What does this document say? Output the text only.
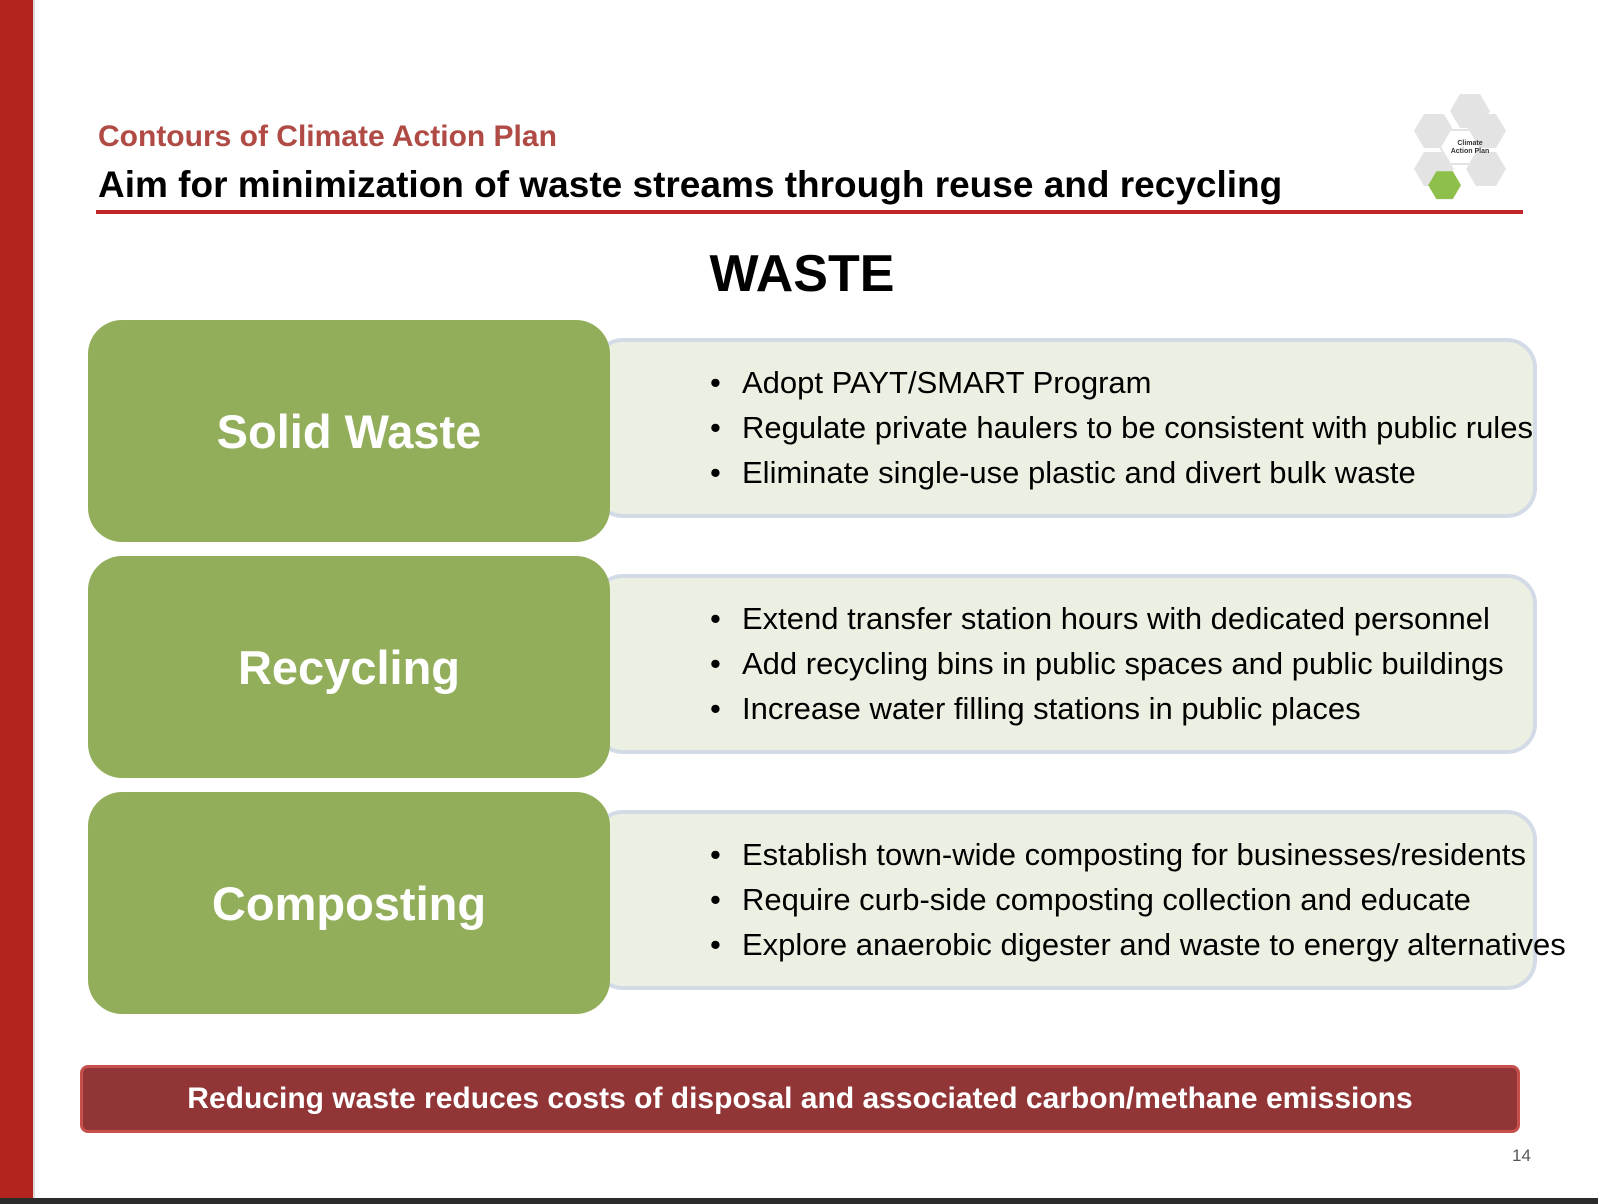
Contours of Climate Action Plan
Aim for minimization of waste streams through reuse and recycling
Climate Action Plan
WASTE
Solid Waste
• Adopt PAYT/SMART Program
• Regulate private haulers to be consistent with public rules
• Eliminate single-use plastic and divert bulk waste
Recycling
• Extend transfer station hours with dedicated personnel
• Add recycling bins in public spaces and public buildings
• Increase water filling stations in public places
Composting
• Establish town-wide composting for businesses/residents
• Require curb-side composting collection and educate
• Explore anaerobic digester and waste to energy alternatives
Reducing waste reduces costs of disposal and associated carbon/methane emissions
14
